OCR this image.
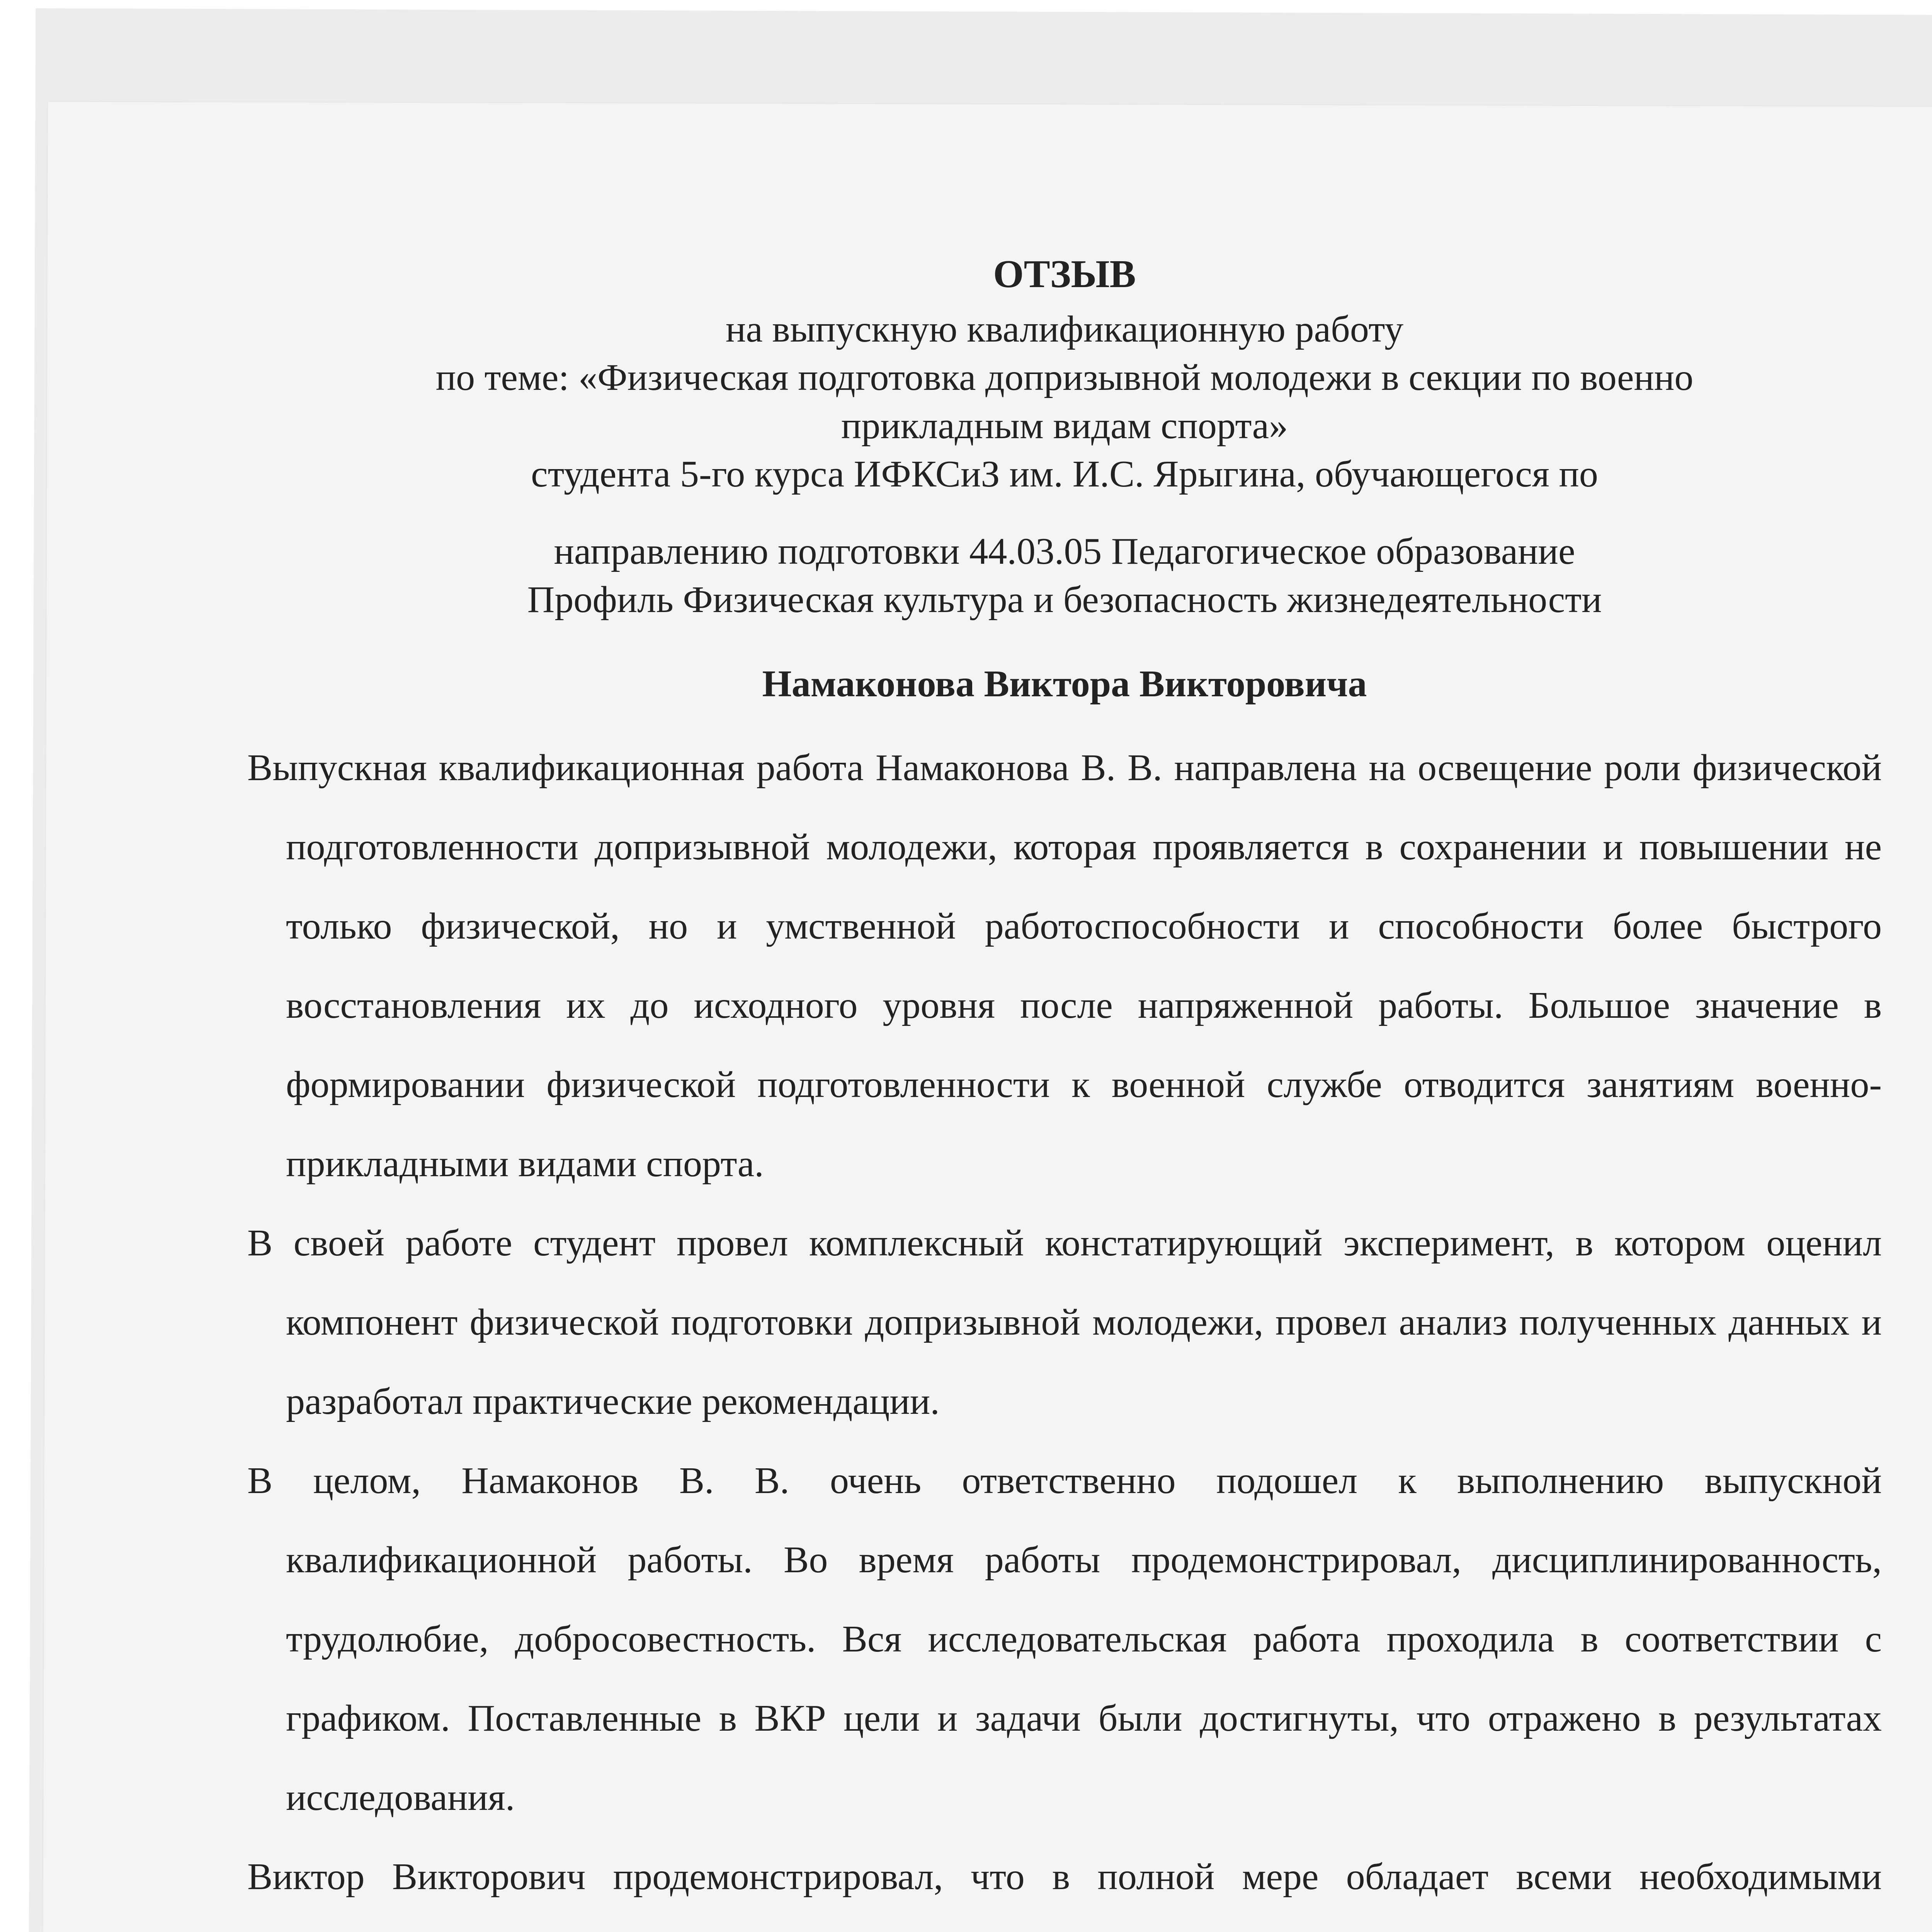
ОТЗЫВ
на выпускную квалификационную работу
по теме: «Физическая подготовка допризывной молодежи в секции по военно
прикладным видам спорта»
студента 5-го курса ИФКСиЗ им. И.С. Ярыгина, обучающегося по
направлению подготовки 44.03.05 Педагогическое образование
Профиль Физическая культура и безопасность жизнедеятельности
Намаконова Виктора Викторовича

Выпускная квалификационная работа Намаконова В. В. направлена на освещение роли физической подготовленности допризывной молодежи, которая проявляется в сохранении и повышении не только физической, но и умственной работоспособности и способности более быстрого восстановления их до исходного уровня после напряженной работы. Большое значение в формировании физической подготовленности к военной службе отводится занятиям военно-прикладными видами спорта.

В своей работе студент провел комплексный констатирующий эксперимент, в котором оценил компонент физической подготовки допризывной молодежи, провел анализ полученных данных и разработал практические рекомендации.

В целом, Намаконов В. В. очень ответственно подошел к выполнению выпускной квалификационной работы. Во время работы продемонстрировал, дисциплинированность, трудолюбие, добросовестность. Вся исследовательская работа проходила в соответствии с графиком. Поставленные в ВКР цели и задачи были достигнуты, что отражено в результатах исследования.

Виктор Викторович продемонстрировал, что в полной мере обладает всеми необходимыми
